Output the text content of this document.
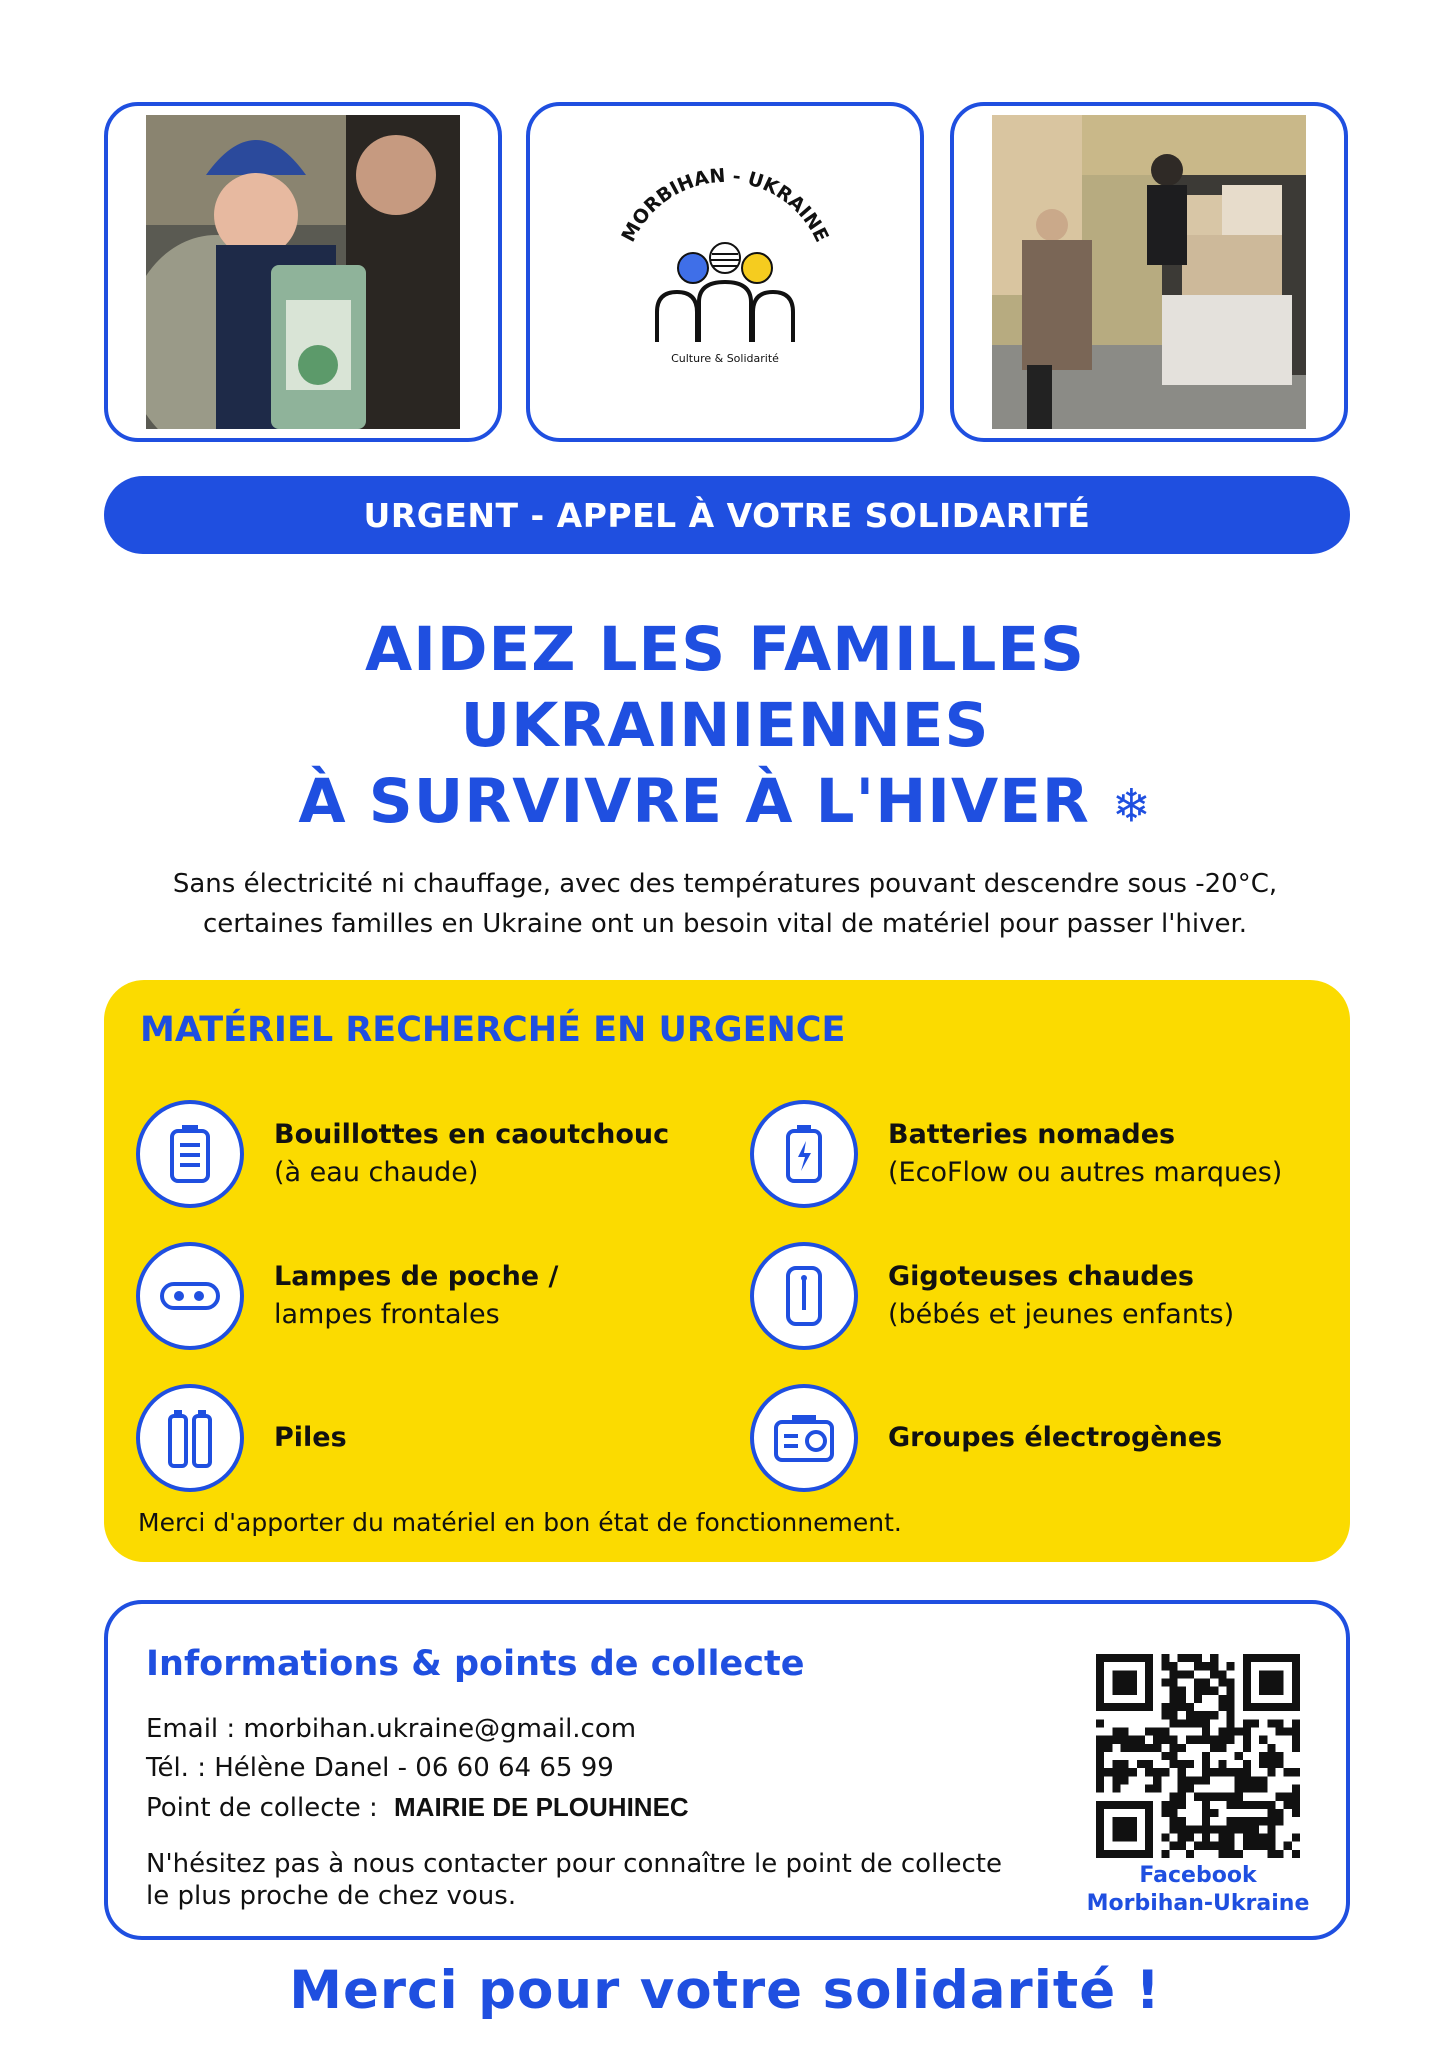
MORBIHAN - UKRAINE
Culture & Solidarité
URGENT - APPEL À VOTRE SOLIDARITÉ
AIDEZ LES FAMILLES
UKRAINIENNES
À SURVIVRE À L'HIVER ❄
Sans électricité ni chauffage, avec des températures pouvant descendre sous -20°C,
certaines familles en Ukraine ont un besoin vital de matériel pour passer l'hiver.
MATÉRIEL RECHERCHÉ EN URGENCE
Bouillottes en caoutchouc
(à eau chaude)
Batteries nomades
(EcoFlow ou autres marques)
Lampes de poche /
lampes frontales
Gigoteuses chaudes
(bébés et jeunes enfants)
Piles	Groupes électrogènes
Merci d'apporter du matériel en bon état de fonctionnement.
Informations & points de collecte
Email : morbihan.ukraine@gmail.com
Tél. : Hélène Danel - 06 60 64 65 99
Point de collecte : MAIRIE DE PLOUHINEC
N'hésitez pas à nous contacter pour connaître le point de collecte
le plus proche de chez vous.
Facebook
Morbihan-Ukraine
Merci pour votre solidarité !
